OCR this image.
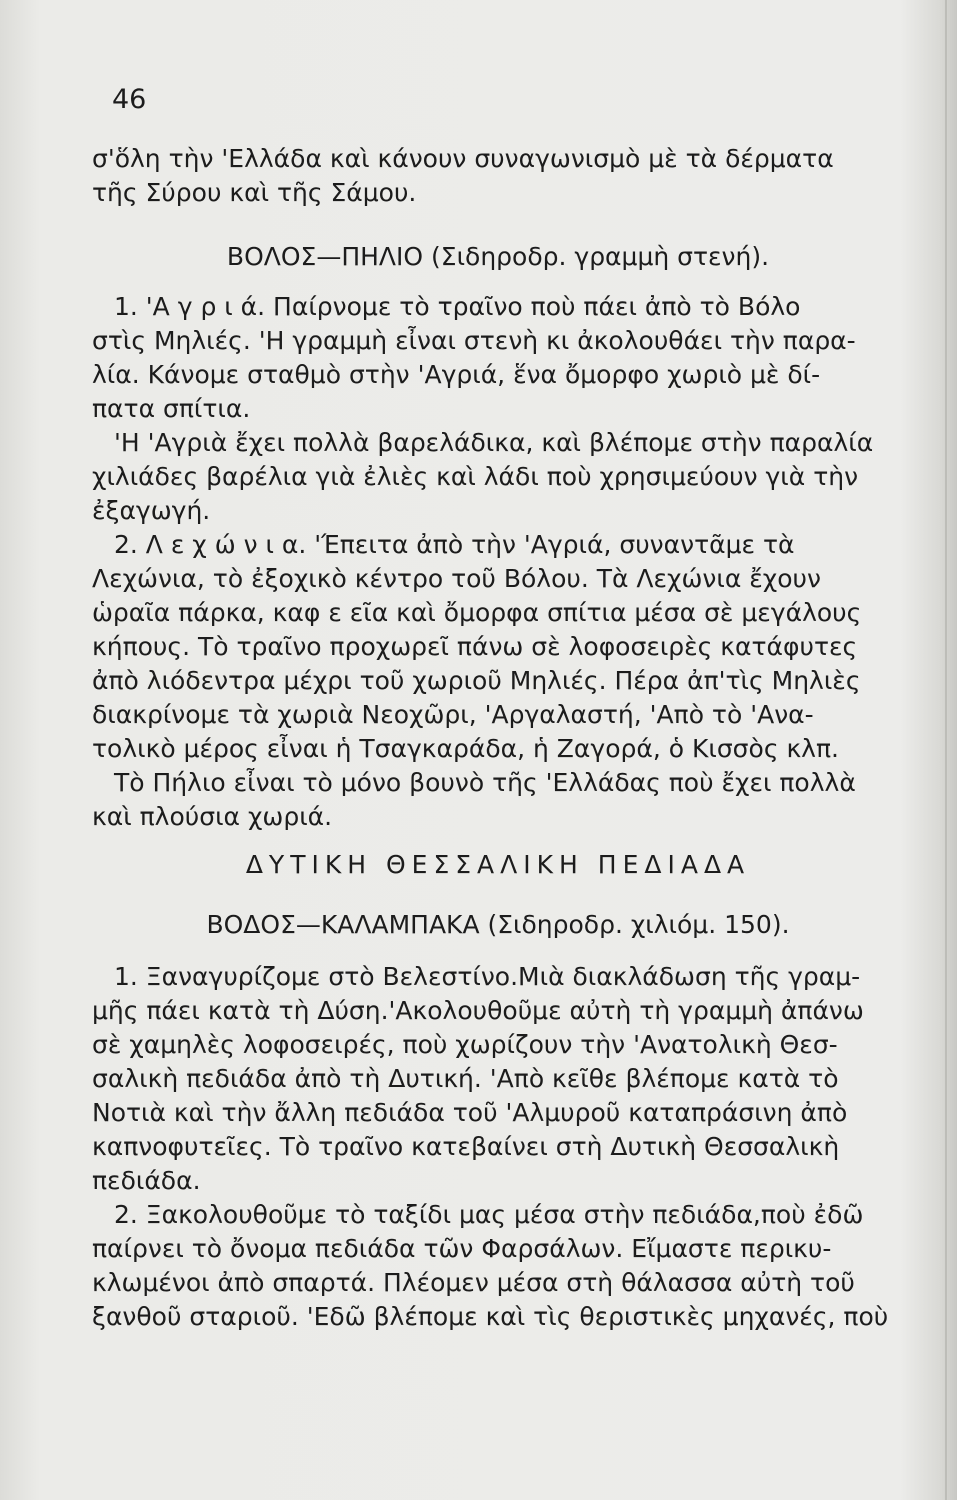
46
σ'ὅλη τὴν 'Ελλάδα καὶ κάνουν συναγωνισμὸ μὲ τὰ δέρματα
τῆς Σύρου καὶ τῆς Σάμου.
ΒΟΛΟΣ—ΠΗΛΙΟ (Σιδηροδρ. γραμμὴ στενή).
1. 'Α γ ρ ι ά. Παίρνομε τὸ τραῖνο ποὺ πάει ἀπὸ τὸ Βόλο
στὶς Μηλιές. 'Η γραμμὴ εἶναι στενὴ κι ἀκολουθάει τὴν παρα-
λία. Κάνομε σταθμὸ στὴν 'Αγριά, ἕνα ὄμορφο χωριὸ μὲ δί-
πατα σπίτια.
'Η 'Αγριὰ ἔχει πολλὰ βαρελάδικα, καὶ βλέπομε στὴν παραλία
χιλιάδες βαρέλια γιὰ ἐλιὲς καὶ λάδι ποὺ χρησιμεύουν γιὰ τὴν
ἐξαγωγή.
2. Λ ε χ ώ ν ι α. 'Έπειτα ἀπὸ τὴν 'Αγριά, συναντᾶμε τὰ
Λεχώνια, τὸ ἐξοχικὸ κέντρο τοῦ Βόλου. Τὰ Λεχώνια ἔχουν
ὡραῖα πάρκα, καφ ε εῖα καὶ ὄμορφα σπίτια μέσα σὲ μεγάλους
κήπους. Τὸ τραῖνο προχωρεῖ πάνω σὲ λοφοσειρὲς κατάφυτες
ἀπὸ λιόδεντρα μέχρι τοῦ χωριοῦ Μηλιές. Πέρα ἀπ'τὶς Μηλιὲς
διακρίνομε τὰ χωριὰ Νεοχῶρι, 'Αργαλαστή, 'Απὸ τὸ 'Ανα-
τολικὸ μέρος εἶναι ἡ Τσαγκαράδα, ἡ Ζαγορά, ὁ Κισσὸς κλπ.
Τὸ Πήλιο εἶναι τὸ μόνο βουνὸ τῆς 'Ελλάδας ποὺ ἔχει πολλὰ
καὶ πλούσια χωριά.
ΔΥΤΙΚΗ ΘΕΣΣΑΛΙΚΗ ΠΕΔΙΑΔΑ
ΒΟΔΟΣ—ΚΑΛΑΜΠΑΚΑ (Σιδηροδρ. χιλιόμ. 150).
1. Ξαναγυρίζομε στὸ Βελεστίνο.Μιὰ διακλάδωση τῆς γραμ-
μῆς πάει κατὰ τὴ Δύση.'Ακολουθοῦμε αὐτὴ τὴ γραμμὴ ἀπάνω
σὲ χαμηλὲς λοφοσειρές, ποὺ χωρίζουν τὴν 'Ανατολικὴ Θεσ-
σαλικὴ πεδιάδα ἀπὸ τὴ Δυτική. 'Απὸ κεῖθε βλέπομε κατὰ τὸ
Νοτιὰ καὶ τὴν ἄλλη πεδιάδα τοῦ 'Αλμυροῦ καταπράσινη ἀπὸ
καπνοφυτεῖες. Τὸ τραῖνο κατεβαίνει στὴ Δυτικὴ Θεσσαλικὴ
πεδιάδα.
2. Ξακολουθοῦμε τὸ ταξίδι μας μέσα στὴν πεδιάδα,ποὺ ἐδῶ
παίρνει τὸ ὄνομα πεδιάδα τῶν Φαρσάλων. Εἴμαστε περικυ-
κλωμένοι ἀπὸ σπαρτά. Πλέομεν μέσα στὴ θάλασσα αὐτὴ τοῦ
ξανθοῦ σταριοῦ. 'Εδῶ βλέπομε καὶ τὶς θεριστικὲς μηχανές, ποὺ
